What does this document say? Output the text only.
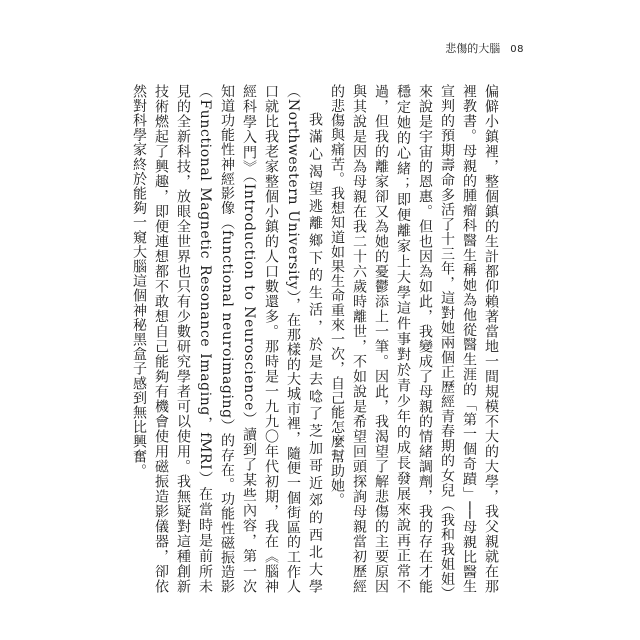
悲傷的大腦 08

偏僻小鎮裡，整個鎮的生計都仰賴著當地一間規模不大的大學，我父親就在那裡教書。母親的腫瘤科醫生稱她為他從醫生涯的「第一個奇蹟」──母親比醫生宣判的預期壽命多活了十三年，這對她兩個正歷經青春期的女兒（我和我姐姐）來說是宇宙的恩惠。但也因為如此，我變成了母親的情緒調劑，我的存在才能穩定她的心緒；即便離家上大學這件事對於青少年的成長發展來說再正常不過，但我的離家卻又為她的憂鬱添上一筆。因此，我渴望了解悲傷的主要原因與其說是因為母親在我二十六歲時離世，不如說是希望回頭探詢母親當初歷經的悲傷與痛苦。我想知道如果生命重來一次，自己能怎麼幫助她。

我滿心渴望逃離鄉下的生活，於是去唸了芝加哥近郊的西北大學（Northwestern University），在那樣的大城市裡，隨便一個街區的工作人口就比我老家整個小鎮的人口數還多。那時是一九九〇年代初期，我在《腦神經科學入門》（Introduction to Neuroscience）讀到了某些內容，第一次知道功能性神經影像（functional neuroimaging）的存在。功能性磁振造影（Functional Magnetic Resonance Imaging，fMRI）在當時是前所未見的全新科技，放眼全世界也只有少數研究學者可以使用。我無疑對這種創新技術燃起了興趣，即便連想都不敢想自己能夠有機會使用磁振造影儀器，卻依然對科學家終於能夠一窺大腦這個神秘黑盒子感到無比興奮。
